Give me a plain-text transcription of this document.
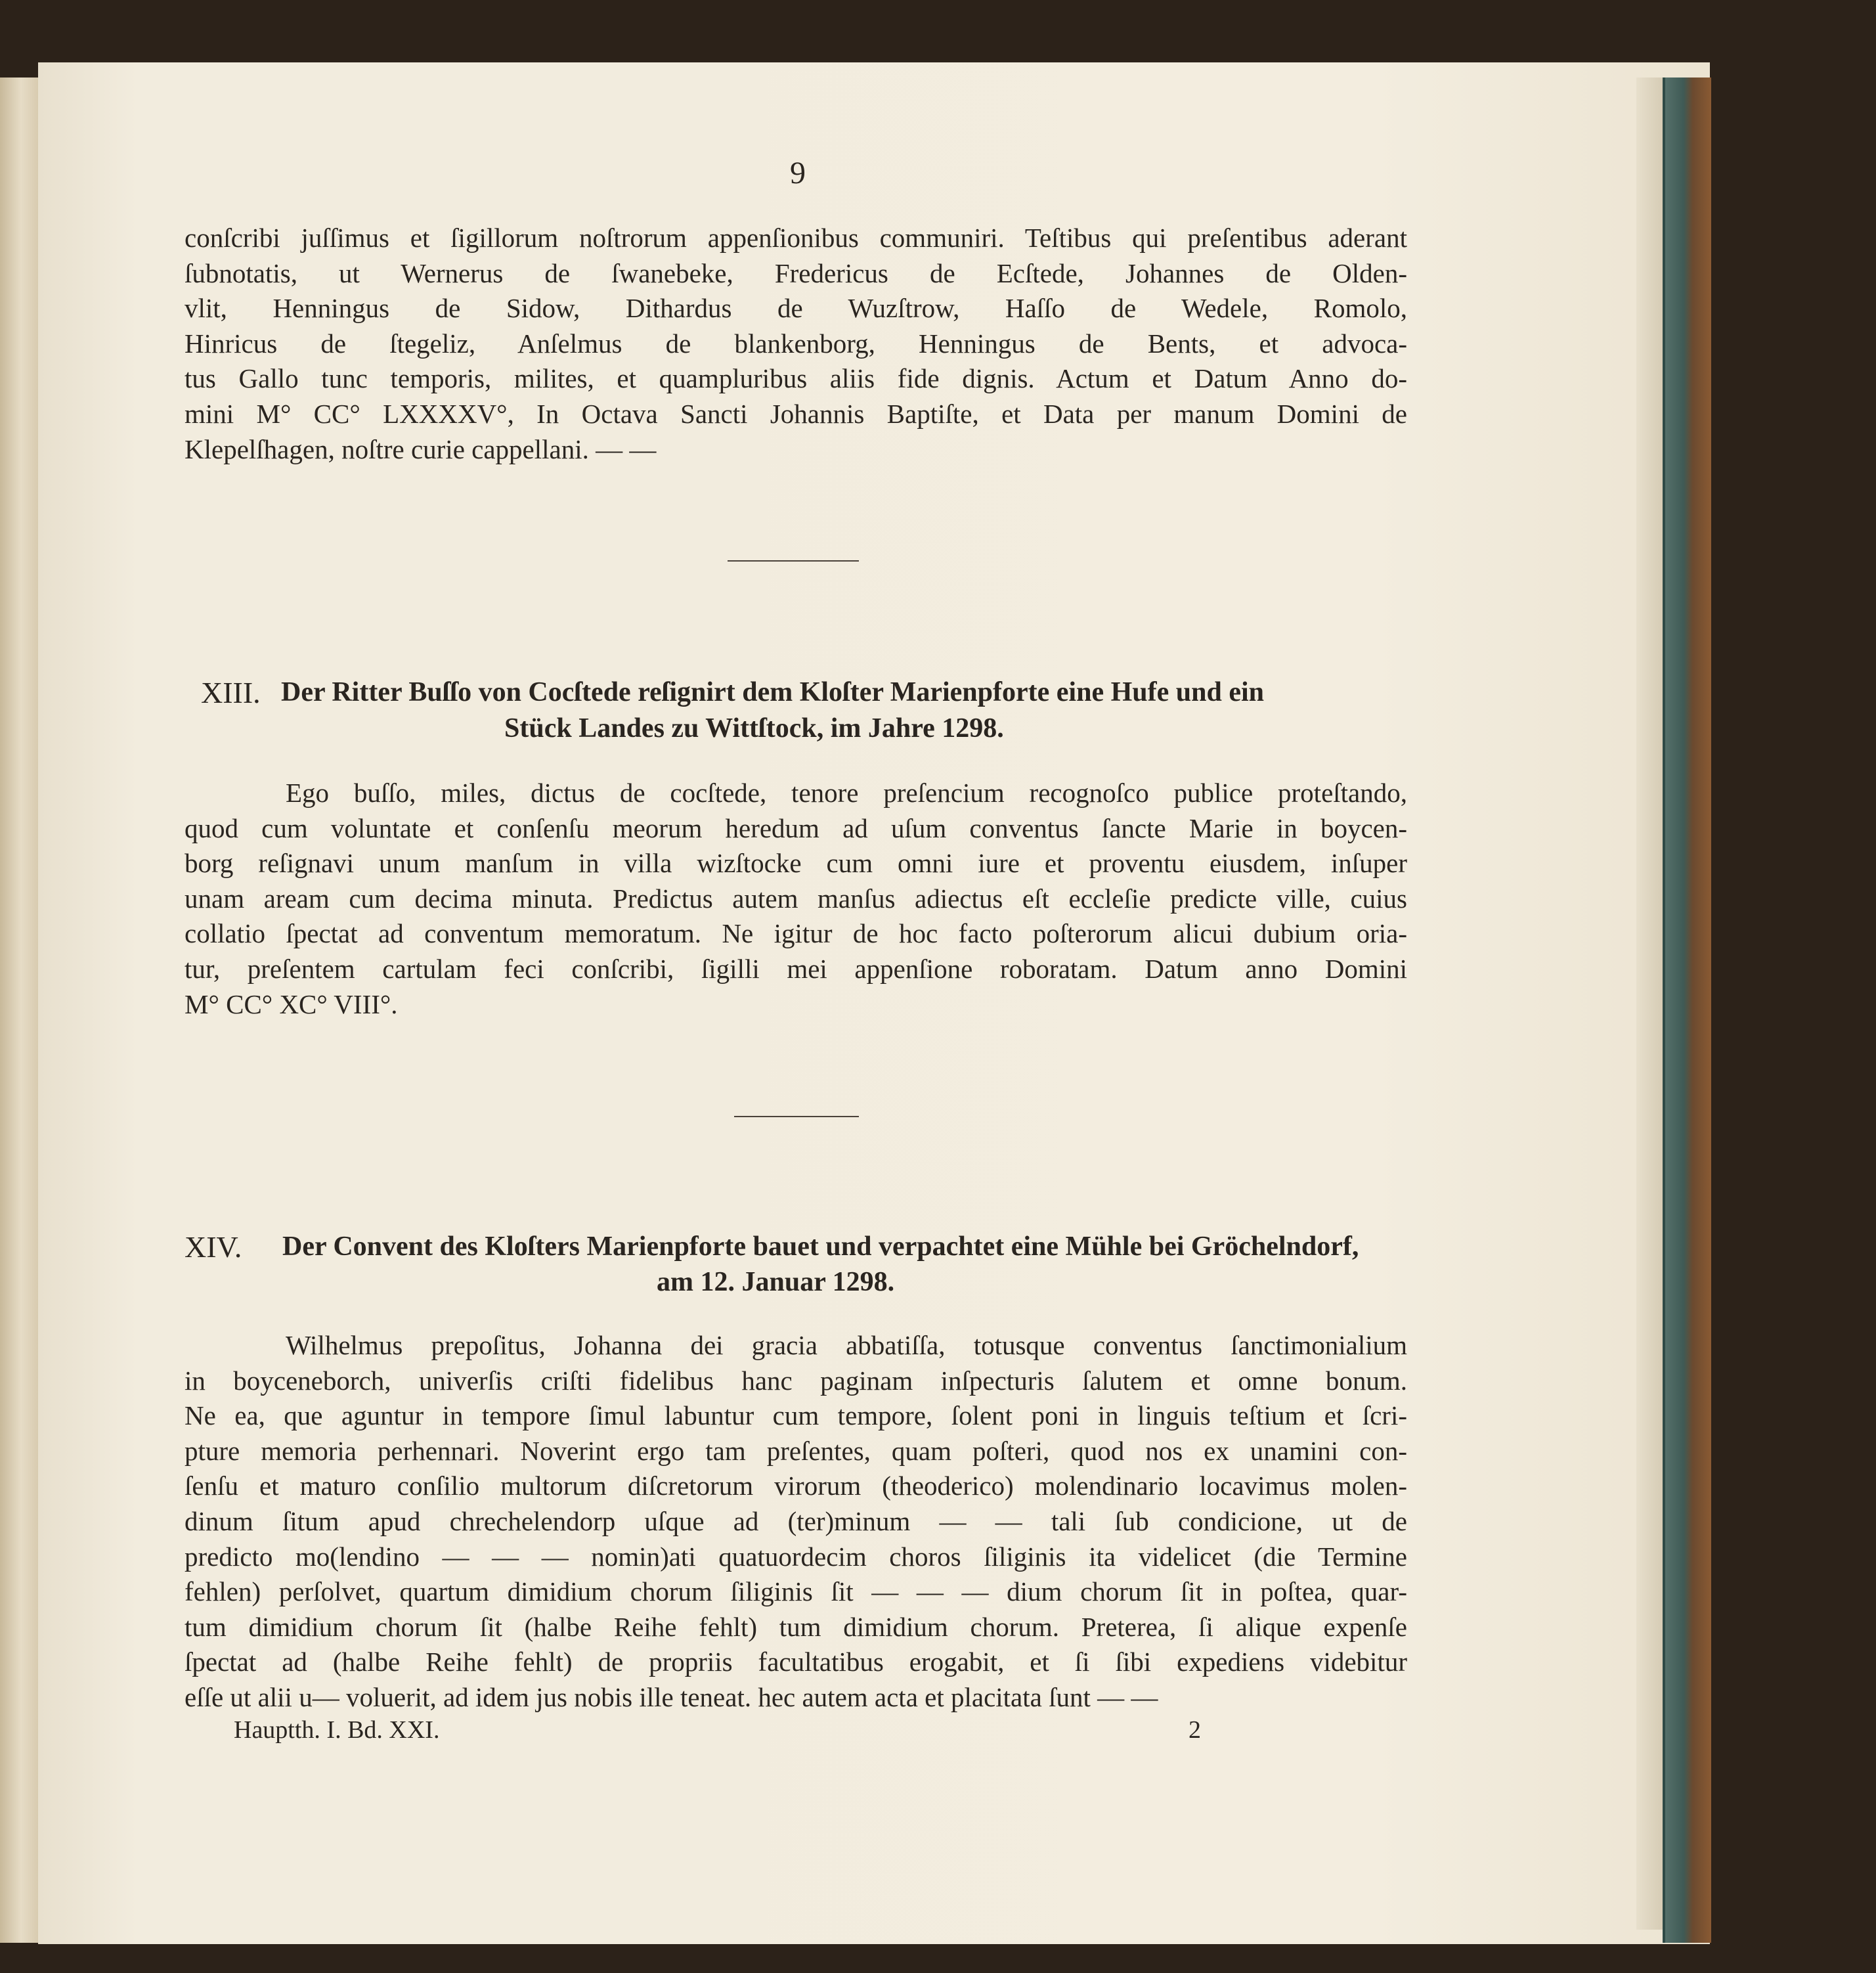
9
conſcribi juſſimus et ſigillorum noſtrorum appenſionibus communiri. Teſtibus qui preſentibus aderant
ſubnotatis, ut Wernerus de ſwanebeke, Fredericus de Ecſtede, Johannes de Olden-
vlit, Henningus de Sidow, Dithardus de Wuzſtrow, Haſſo de Wedele, Romolo,
Hinricus de ſtegeliz, Anſelmus de blankenborg, Henningus de Bents, et advoca-
tus Gallo tunc temporis, milites, et quampluribus aliis fide dignis. Actum et Datum Anno do-
mini M° CC° LXXXXV°, In Octava Sancti Johannis Baptiſte, et Data per manum Domini de
Klepelſhagen, noſtre curie cappellani. — —
XIII. Der Ritter Buſſo von Cocſtede reſignirt dem Kloſter Marienpforte eine Hufe und ein
Stück Landes zu Wittſtock, im Jahre 1298.
Ego buſſo, miles, dictus de cocſtede, tenore preſencium recognoſco publice proteſtando,
quod cum voluntate et conſenſu meorum heredum ad uſum conventus ſancte Marie in boycen-
borg reſignavi unum manſum in villa wizſtocke cum omni iure et proventu eiusdem, inſuper
unam aream cum decima minuta. Predictus autem manſus adiectus eſt eccleſie predicte ville, cuius
collatio ſpectat ad conventum memoratum. Ne igitur de hoc facto poſterorum alicui dubium oria-
tur, preſentem cartulam feci conſcribi, ſigilli mei appenſione roboratam. Datum anno Domini
M° CC° XC° VIII°.
XIV. Der Convent des Kloſters Marienpforte bauet und verpachtet eine Mühle bei Gröchelndorf,
am 12. Januar 1298.
Wilhelmus prepoſitus, Johanna dei gracia abbatiſſa, totusque conventus ſanctimonialium
in boyceneborch, univerſis criſti fidelibus hanc paginam inſpecturis ſalutem et omne bonum.
Ne ea, que aguntur in tempore ſimul labuntur cum tempore, ſolent poni in linguis teſtium et ſcri-
pture memoria perhennari. Noverint ergo tam preſentes, quam poſteri, quod nos ex unamini con-
ſenſu et maturo conſilio multorum diſcretorum virorum (theoderico) molendinario locavimus molen-
dinum ſitum apud chrechelendorp uſque ad (ter)minum — — tali ſub condicione, ut de
predicto mo(lendino — — — nomin)ati quatuordecim choros ſiliginis ita videlicet (die Termine
fehlen) perſolvet, quartum dimidium chorum ſiliginis ſit — — — dium chorum ſit in poſtea, quar-
tum dimidium chorum ſit (halbe Reihe fehlt) tum dimidium chorum. Preterea, ſi alique expenſe
ſpectat ad (halbe Reihe fehlt) de propriis facultatibus erogabit, et ſi ſibi expediens videbitur
eſſe ut alii u— voluerit, ad idem jus nobis ille teneat. hec autem acta et placitata ſunt — —
Hauptth. I. Bd. XXI.	2
